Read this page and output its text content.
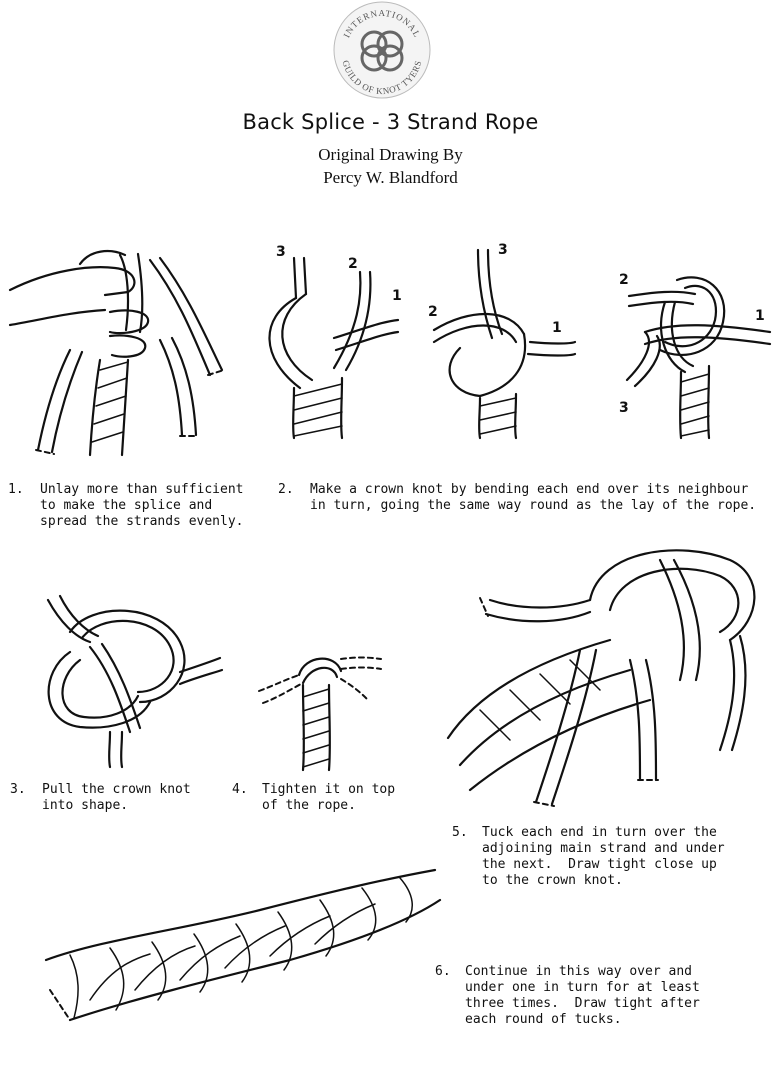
INTERNATIONAL
GUILD OF KNOT TYERS
Back Splice - 3 Strand Rope
Original Drawing By
Percy W. Blandford
3
2
1
3
2
1
2
1
3

1.

Unlay more than sufficient

to make the splice and

spread the strands evenly.

2.

Make a crown knot by bending each end over its neighbour

in turn, going the same way round as the lay of the rope.

3.

Pull the crown knot

into shape.

4.

Tighten it on top

of the rope.

5.

Tuck each end in turn over the

adjoining main strand and under

the next.  Draw tight close up

to the crown knot.

6.

Continue in this way over and

under one in turn for at least

three times.  Draw tight after

each round of tucks.
